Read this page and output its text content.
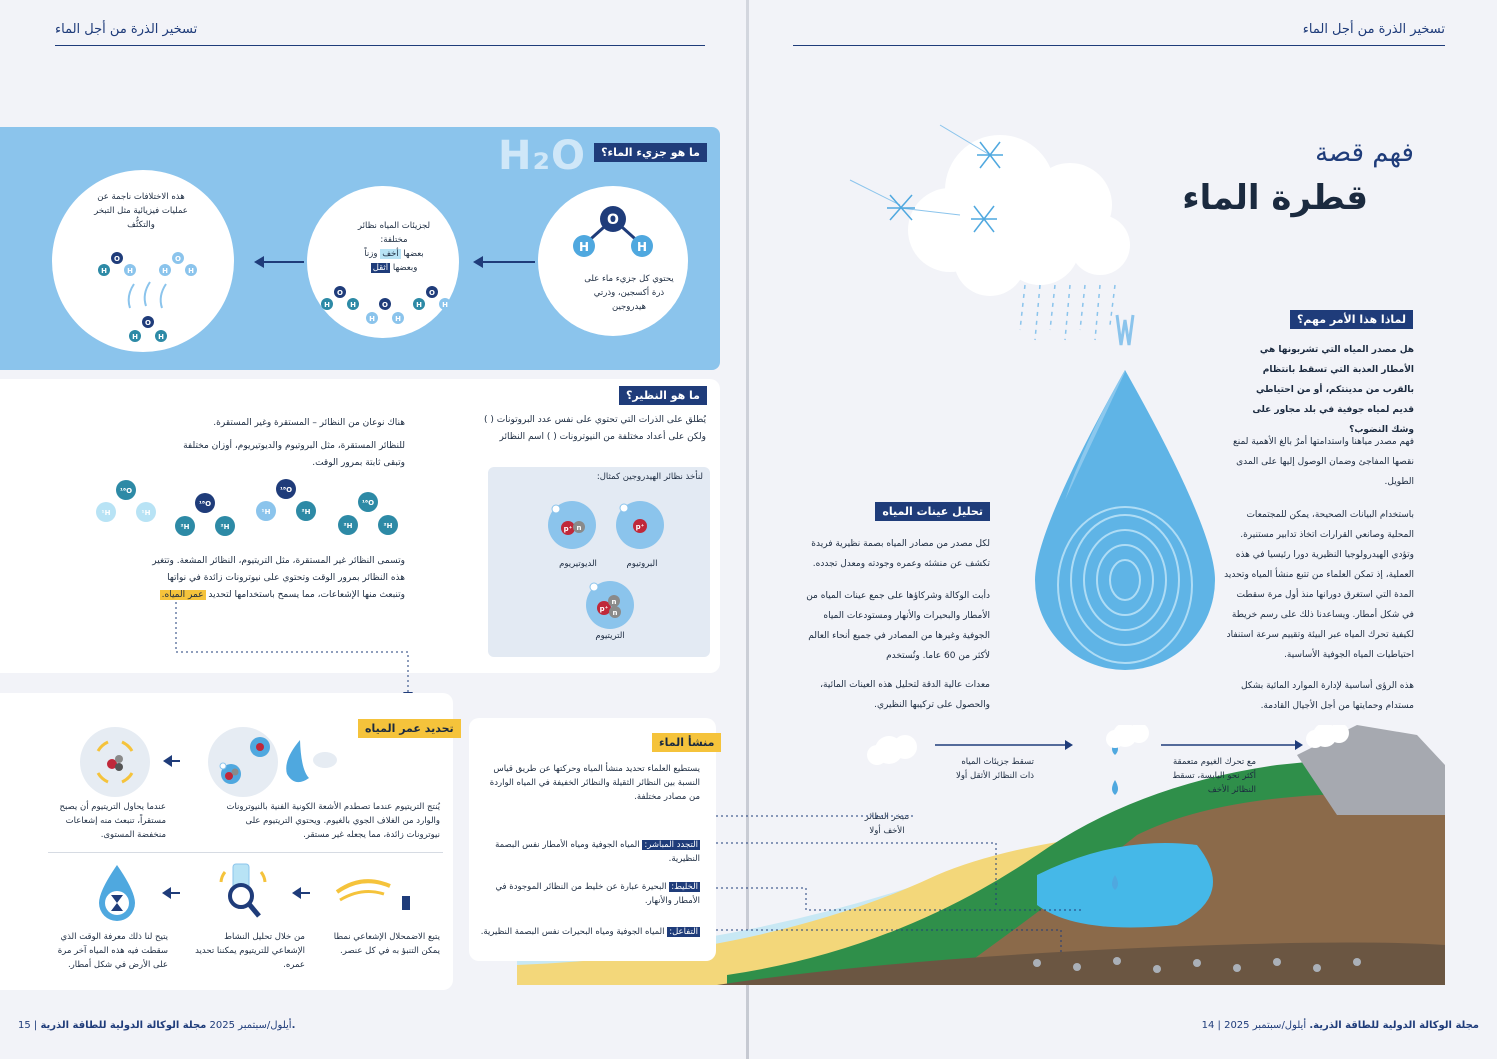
تسخير الذرة من أجل الماء	تسخير الذرة من أجل الماء
15 |	أيلول/سبتمبر 2025 مجلة الوكالة الدولية للطاقة الذرية	.	مجلة الوكالة الدولية للطاقة الذرية. أيلول/سبتمبر 2025 | 14
H₂O	ما هو جزيء الماء؟
O
H	H
يحتوي كل جزيء ماء على ذرة أكسجين، وذرتي هيدروجين
لجزيئات المياه نظائر مختلفة:
بعضها أخف وزناً
وبعضها أثقل
O
H	H	O
H	H
O
H	H
هذه الاختلافات ناجمة عن عمليات فيزيائية مثل التبخر والتكثُّف
O
H	H
O
H	H
O
H	H
ما هو النظير؟
يُطلق على الذرات التي تحتوي على نفس عدد البروتونات ( ) ولكن على أعداد مختلفة من النيوترونات ( ) اسم النظائر
لنأخذ نظائر الهيدروجين كمثال:
p⁺
p⁺ n
p⁺
n
n
البروتيوم
الديوتيريوم
التريتيوم
هناك نوعان من النظائر – المستقرة وغير المستقرة.
للنظائر المستقرة، مثل البروتيوم والديوتيريوم، أوزان مختلفة وتبقى ثابتة بمرور الوقت.
¹⁶O
¹H	¹H
¹⁸O
²H	²H
¹⁸O
¹H	²H
¹⁶O
²H	²H
وتسمى النظائر غير المستقرة، مثل التريتيوم، النظائر المشعة. وتتغير هذه النظائر بمرور الوقت وتحتوي على نيوترونات زائدة في نواتها وتنبعث منها الإشعاعات، مما يسمح باستخدامها لتحديد عمر المياه.
تحديد عمر المياه
يُنتج التريتيوم عندما تصطدم الأشعة الكونية الفنية بالنيوترونات والوارد من الغلاف الجوي بالغيوم. ويحتوي التريتيوم على نيوترونات زائدة، مما يجعله غير مستقر.
عندما يحاول التريتيوم أن يصبح مستقراً، تنبعث منه إشعاعات منخفضة المستوى.
يتبع الاضمحلال الإشعاعي نمطا يمكن التنبؤ به في كل عنصر.
من خلال تحليل النشاط الإشعاعي للتريتيوم يمكننا تحديد عمره.
يتيح لنا ذلك معرفة الوقت الذي سقطت فيه هذه المياه آخر مرة على الأرض في شكل أمطار.
فهم قصة
قطرة الماء
لماذا هذا الأمر مهم؟
هل مصدر المياه التي تشربونها هي الأمطار العذبة التي تسقط بانتظام بالقرب من مدينتكم، أو من احتياطي قديم لمياه جوفية في بلد مجاور على وشك النضوب؟
فهم مصدر مياهنا واستدامتها أمرٌ بالغ الأهمية لمنع نقصها المفاجئ وضمان الوصول إليها على المدى الطويل.
باستخدام البيانات الصحيحة، يمكن للمجتمعات المحلية وصانعي القرارات اتخاذ تدابير مستنيرة. وتؤدي الهيدرولوجيا النظيرية دورا رئيسيا في هذه العملية، إذ تمكن العلماء من تتبع منشأ المياه وتحديد المدة التي استغرق دورانها منذ أول مرة سقطت في شكل أمطار. ويساعدنا ذلك على رسم خريطة لكيفية تحرك المياه عبر البيئة وتقييم سرعة استنفاد احتياطيات المياه الجوفية الأساسية.
هذه الرؤى أساسية لإدارة الموارد المائية بشكل مستدام وحمايتها من أجل الأجيال القادمة.
تحليل عينات المياه
لكل مصدر من مصادر المياه بصمة نظيرية فريدة تكشف عن منشئه وعمره وجودته ومعدل تجدده.
دأبت الوكالة وشركاؤها على جمع عينات المياه من الأمطار والبحيرات والأنهار ومستودعات المياه الجوفية وغيرها من المصادر في جميع أنحاء العالم لأكثر من 60 عاما. وتُستخدم
معدات عالية الدقة لتحليل هذه العينات المائية، والحصول على تركيبها النظيري.
مع تحرك الغيوم متعمقة أكثر نحو اليابسة، تسقط النظائر الأخف
تسقط جزيئات المياه ذات النظائر الأثقل أولا
تتبخر النظائر الأخف أولا
منشأ الماء
يستطيع العلماء تحديد منشأ المياه وحركتها عن طريق قياس النسبة بين النظائر الثقيلة والنظائر الخفيفة في المياه الواردة من مصادر مختلفة.
التجدد المباشر: المياه الجوفية ومياه الأمطار نفس البصمة النظيرية.
الخليط: البحيرة عبارة عن خليط من النظائر الموجودة في الأمطار والأنهار.
التفاعل: المياه الجوفية ومياه البحيرات نفس البصمة النظيرية.
